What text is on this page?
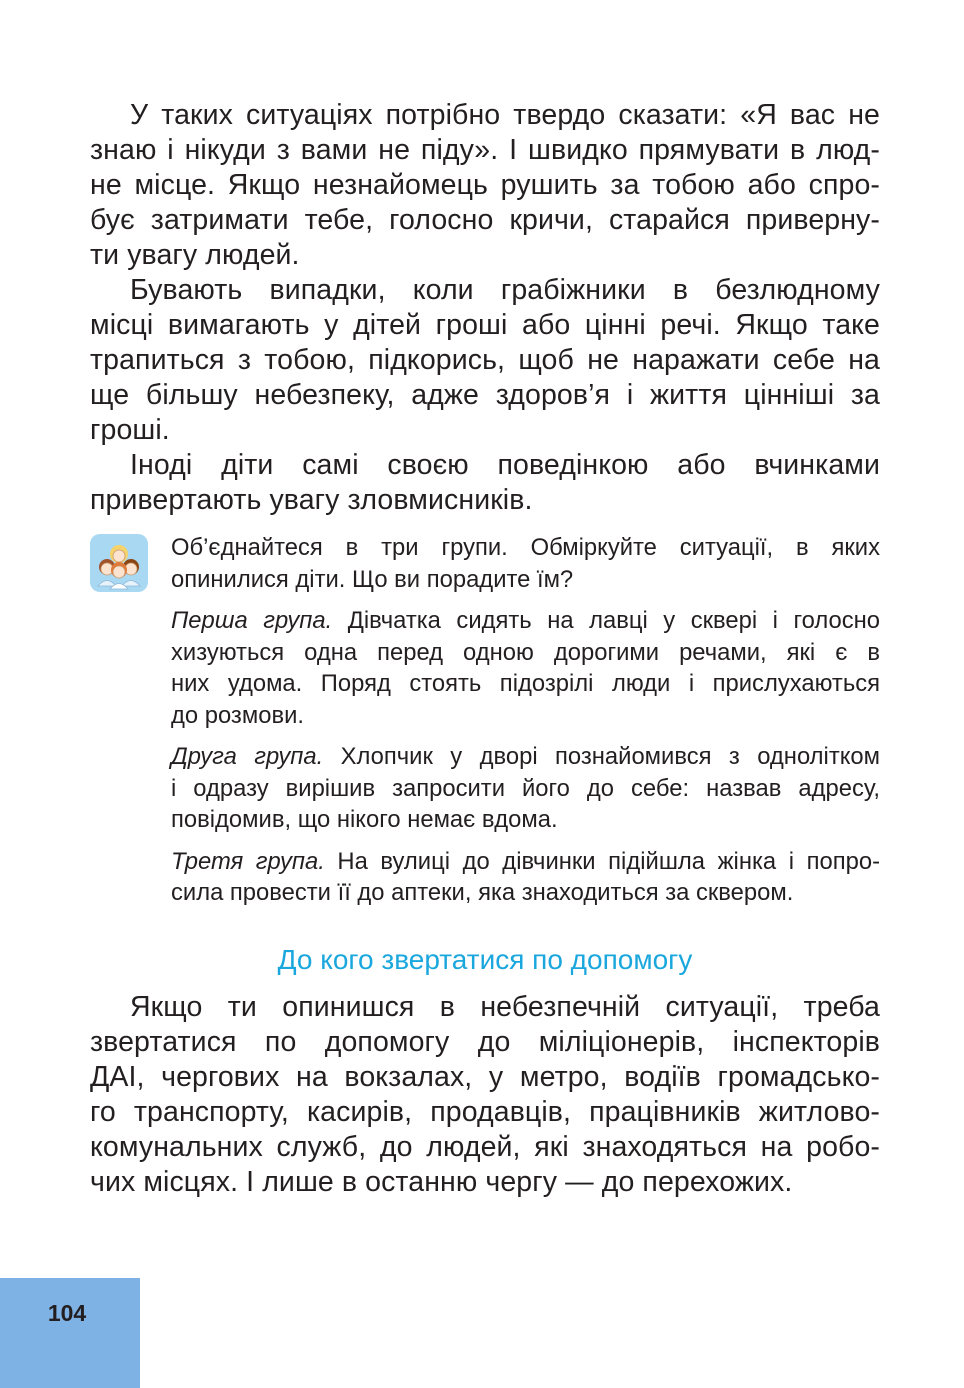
У таких ситуаціях потрібно твердо сказати: «Я вас не
знаю і нікуди з вами не піду». І швидко прямувати в люд-
не місце. Якщо незнайомець рушить за тобою або спро-
бує затримати тебе, голосно кричи, старайся приверну-
ти увагу людей.

Бувають випадки, коли грабіжники в безлюдному
місці вимагають у дітей гроші або цінні речі. Якщо таке
трапиться з тобою, підкорись, щоб не наражати себе на
ще більшу небезпеку, адже здоров’я і життя цінніші за
гроші.

Іноді діти самі своєю поведінкою або вчинками
привертають увагу зловмисників.

Об’єднайтеся в три групи. Обміркуйте ситуації, в яких
опинилися діти. Що ви порадите їм?

Перша група. Дівчатка сидять на лавці у сквері і голосно
хизуються одна перед одною дорогими речами, які є в
них удома. Поряд стоять підозрілі люди і прислухаються
до розмови.

Друга група. Хлопчик у дворі познайомився з однолітком
і одразу вирішив запросити його до себе: назвав адресу,
повідомив, що нікого немає вдома.

Третя група. На вулиці до дівчинки підійшла жінка і попро-
сила провести її до аптеки, яка знаходиться за сквером.

До кого звертатися по допомогу

Якщо ти опинишся в небезпечній ситуації, треба
звертатися по допомогу до міліціонерів, інспекторів
ДАІ, чергових на вокзалах, у метро, водіїв громадсько-
го транспорту, касирів, продавців, працівників житлово-
комунальних служб, до людей, які знаходяться на робо-
чих місцях. І лише в останню чергу — до перехожих.

104
